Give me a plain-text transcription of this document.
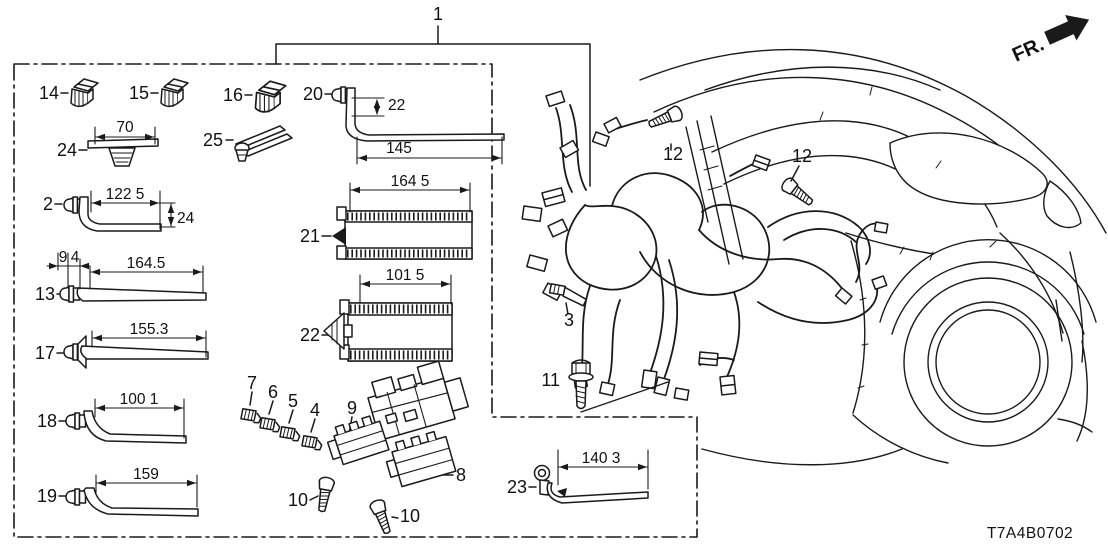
1
14	15	16	20
24	25
2
13
17
18
19
21
22
7 6 5 4 9
8
10
10
3
11
23
12	12
22
145
70
122 5
24
9 4	164.5
155.3
100 1
159
164 5
101 5
140 3
FR.
T7A4B0702
